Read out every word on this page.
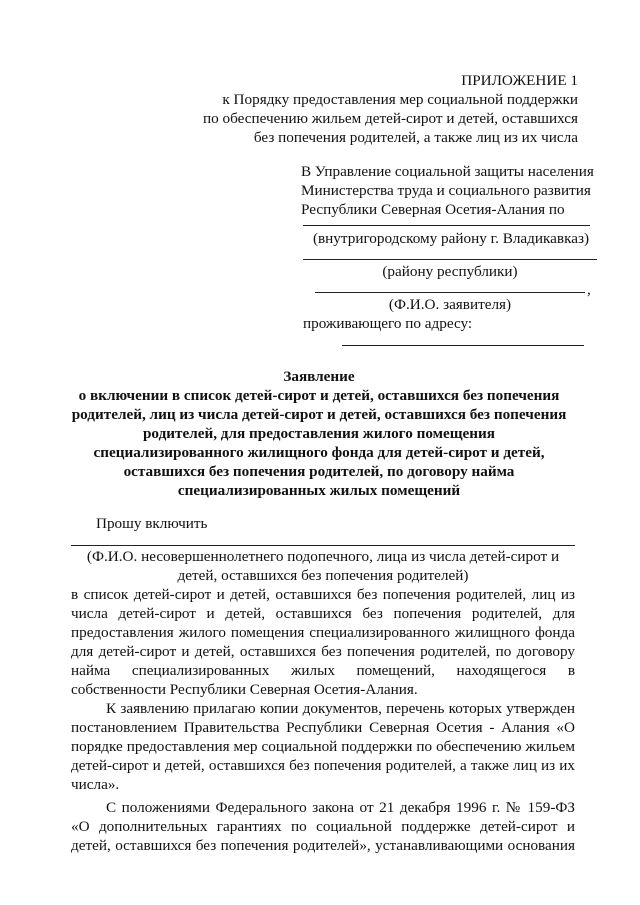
ПРИЛОЖЕНИЕ 1
к Порядку предоставления мер социальной поддержки
по обеспечению жильем детей-сирот и детей, оставшихся
без попечения родителей, а также лиц из их числа
В Управление социальной защиты населения
Министерства труда и социального развития
Республики Северная Осетия-Алания по
(внутригородскому району г. Владикавказ)
(району республики)
,
(Ф.И.О. заявителя)
проживающего по адресу:
Заявление
о включении в список детей-сирот и детей, оставшихся без попечения
родителей, лиц из числа детей-сирот и детей, оставшихся без попечения
родителей, для предоставления жилого помещения
специализированного жилищного фонда для детей-сирот и детей,
оставшихся без попечения родителей, по договору найма
специализированных жилых помещений
Прошу включить
(Ф.И.О. несовершеннолетнего подопечного, лица из числа детей-сирот и
детей, оставшихся без попечения родителей)
в список детей-сирот и детей, оставшихся без попечения родителей, лиц из
числа детей-сирот и детей, оставшихся без попечения родителей, для
предоставления жилого помещения специализированного жилищного фонда
для детей-сирот и детей, оставшихся без попечения родителей, по договору
найма специализированных жилых помещений, находящегося в
собственности Республики Северная Осетия-Алания.
К заявлению прилагаю копии документов, перечень которых утвержден
постановлением Правительства Республики Северная Осетия - Алания «О
порядке предоставления мер социальной поддержки по обеспечению жильем
детей-сирот и детей, оставшихся без попечения родителей, а также лиц из их
числа».
С положениями Федерального закона от 21 декабря 1996 г. № 159-ФЗ
«О дополнительных гарантиях по социальной поддержке детей-сирот и
детей, оставшихся без попечения родителей», устанавливающими основания
